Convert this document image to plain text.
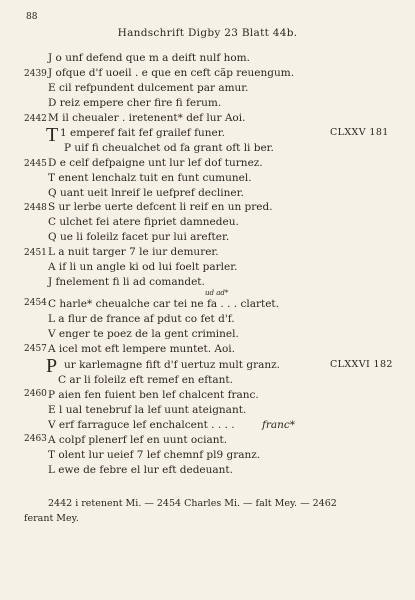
88
Handschrift Digby 23 Blatt 44b.
2439
2442
2445
2448
2451
2454
2457
2460
2463
J o unf defend que m a deift nulf hom.
J ofque d'f uoeil . e que en ceft cãp reuengum.
E cil refpundent dulcement par amur.
D reiz empere cher fire fi ferum.
M il cheualer . iretenent* def lur Aoi.
T 1 emperef fait fef grailef funer.	CLXXV 181
P uif fi cheualchet od fa grant oft li ber.
D e celf defpaigne unt lur lef dof turnez.
T enent lenchalz tuit en funt cumunel.
Q uant ueit lnreif le uefpref decliner.
S ur lerbe uerte defcent li reif en un pred.
C ulchet fei atere fipriet damnedeu.
Q ue li foleilz facet pur lui arefter.
L a nuit targer 7 le iur demurer.
A if li un angle ki od lui foelt parler.
J fnelement fi li ad comandet.
ud ad*
C harle* cheualche car tei ne fa . . . clartet.
L a flur de france af pdut co fet d'f.
V enger te poez de la gent criminel.
A icel mot eft lempere muntet. Aoi.
P ur karlemagne fift d'f uertuz mult granz.	CLXXVI 182
C ar li foleilz eft remef en eftant.
P aien fen fuient ben lef chalcent franc.
E l ual tenebruf la lef uunt ateignant.
V erf farraguce lef enchalcent . . . .	franc*
A colpf plenerf lef en uunt ociant.
T olent lur ueief 7 lef chemnf pl9 granz.
L ewe de febre el lur eft dedeuant.
2442 i retenent Mi. — 2454 Charles Mi. — falt Mey. — 2462
ferant Mey.
